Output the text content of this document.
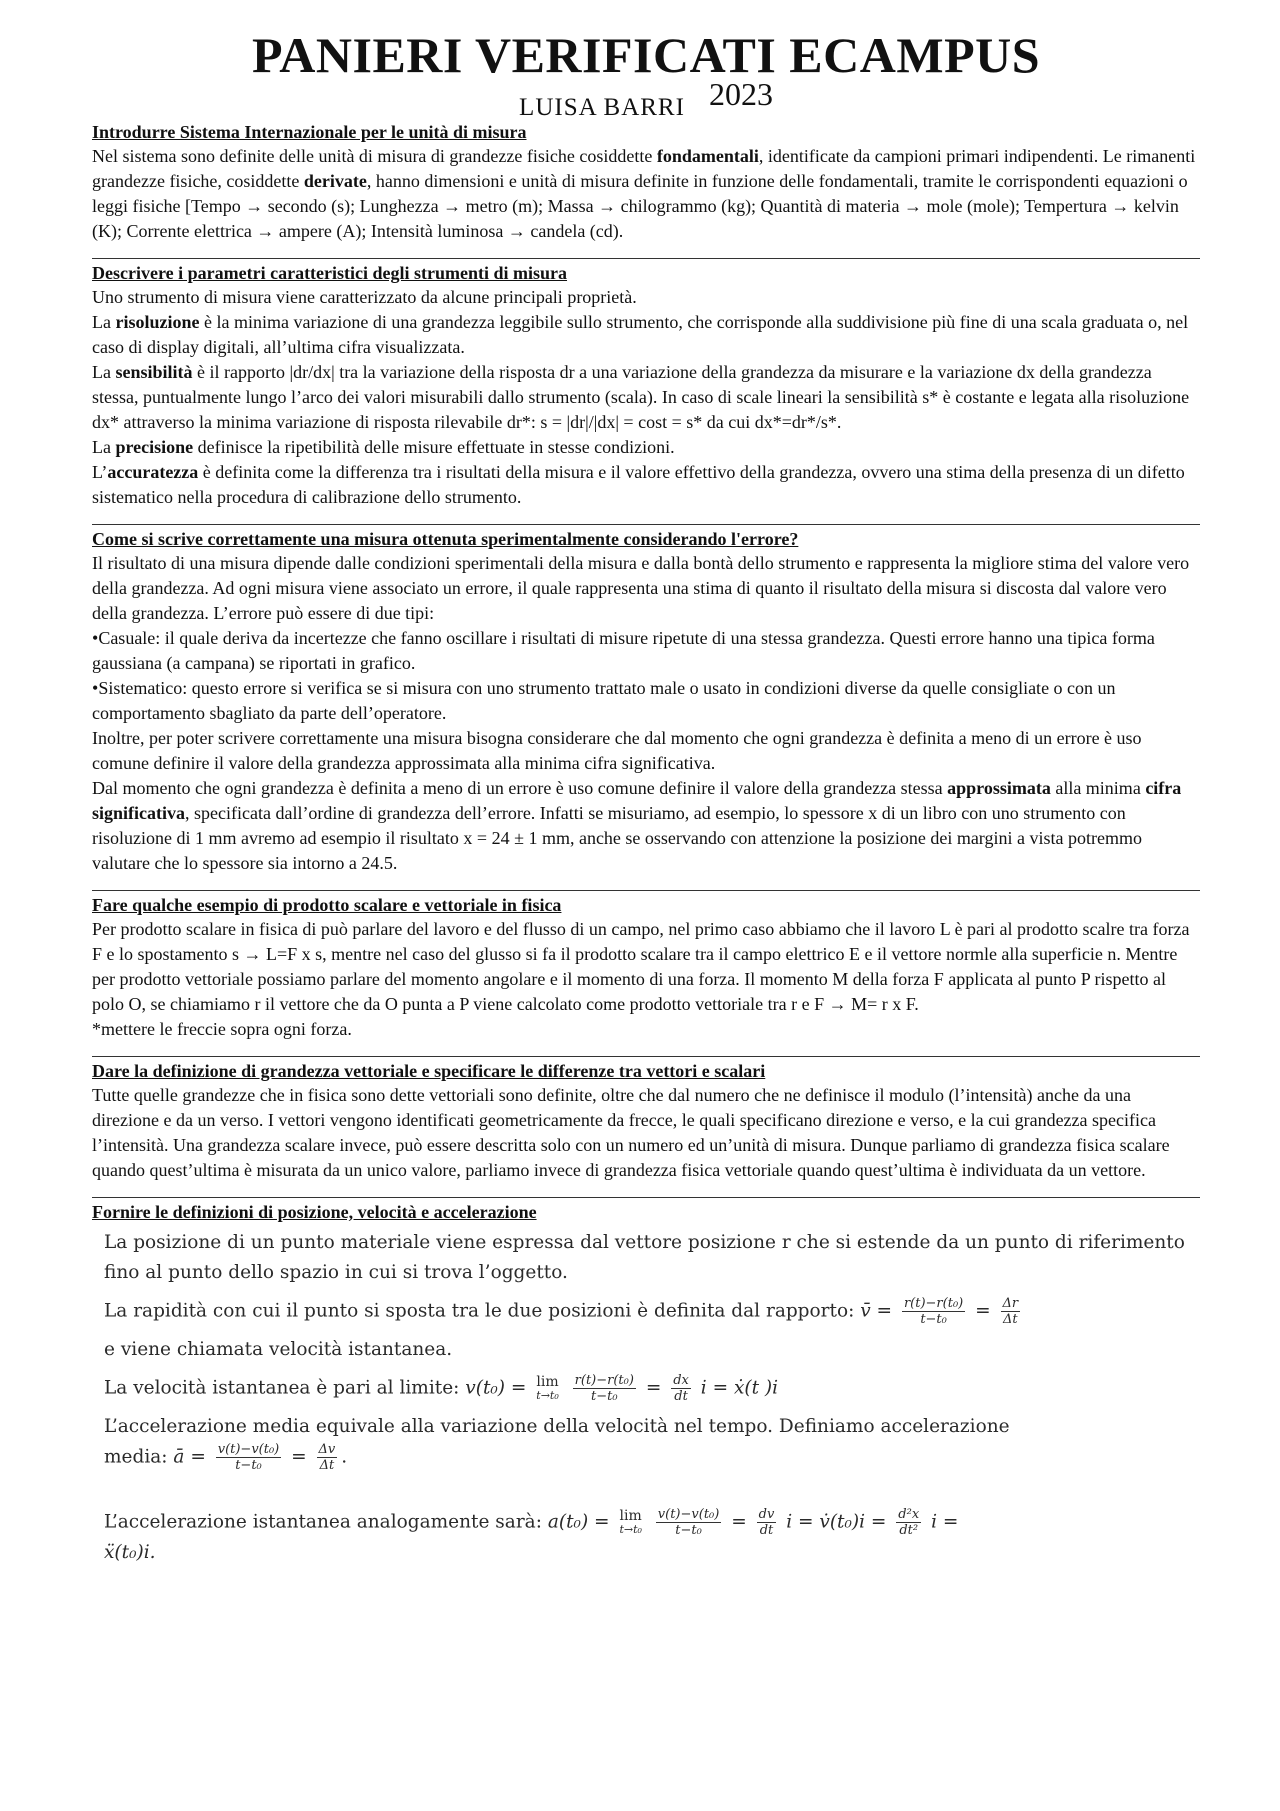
PANIERI VERIFICATI ECAMPUS
LUISA BARRI 2023

Introdurre Sistema Internazionale per le unità di misura

Nel sistema sono definite delle unità di misura di grandezze fisiche cosiddette fondamentali, identificate da campioni primari indipendenti. Le rimanenti grandezze fisiche, cosiddette derivate, hanno dimensioni e unità di misura definite in funzione delle fondamentali, tramite le corrispondenti equazioni o leggi fisiche [Tempo → secondo (s); Lunghezza → metro (m); Massa → chilogrammo (kg); Quantità di materia → mole (mole); Tempertura → kelvin (K); Corrente elettrica → ampere (A); Intensità luminosa → candela (cd).

Descrivere i parametri caratteristici degli strumenti di misura

Uno strumento di misura viene caratterizzato da alcune principali proprietà.

La risoluzione è la minima variazione di una grandezza leggibile sullo strumento, che corrisponde alla suddivisione più fine di una scala graduata o, nel caso di display digitali, all’ultima cifra visualizzata.

La sensibilità è il rapporto |dr/dx| tra la variazione della risposta dr a una variazione della grandezza da misurare e la variazione dx della grandezza stessa, puntualmente lungo l’arco dei valori misurabili dallo strumento (scala). In caso di scale lineari la sensibilità s* è costante e legata alla risoluzione dx* attraverso la minima variazione di risposta rilevabile dr*: s = |dr|/|dx| = cost = s* da cui dx*=dr*/s*.

La precisione definisce la ripetibilità delle misure effettuate in stesse condizioni.

L’accuratezza è definita come la differenza tra i risultati della misura e il valore effettivo della grandezza, ovvero una stima della presenza di un difetto sistematico nella procedura di calibrazione dello strumento.

Come si scrive correttamente una misura ottenuta sperimentalmente considerando l'errore?

Il risultato di una misura dipende dalle condizioni sperimentali della misura e dalla bontà dello strumento e rappresenta la migliore stima del valore vero della grandezza. Ad ogni misura viene associato un errore, il quale rappresenta una stima di quanto il risultato della misura si discosta dal valore vero della grandezza. L’errore può essere di due tipi:

• Casuale: il quale deriva da incertezze che fanno oscillare i risultati di misure ripetute di una stessa grandezza. Questi errore hanno una tipica forma gaussiana (a campana) se riportati in grafico.

• Sistematico: questo errore si verifica se si misura con uno strumento trattato male o usato in condizioni diverse da quelle consigliate o con un comportamento sbagliato da parte dell’operatore.

Inoltre, per poter scrivere correttamente una misura bisogna considerare che dal momento che ogni grandezza è definita a meno di un errore è uso comune definire il valore della grandezza approssimata alla minima cifra significativa.

Dal momento che ogni grandezza è definita a meno di un errore è uso comune definire il valore della grandezza stessa approssimata alla minima cifra significativa, specificata dall’ordine di grandezza dell’errore. Infatti se misuriamo, ad esempio, lo spessore x di un libro con uno strumento con risoluzione di 1 mm avremo ad esempio il risultato x = 24 ± 1 mm, anche se osservando con attenzione la posizione dei margini a vista potremmo valutare che lo spessore sia intorno a 24.5.

Fare qualche esempio di prodotto scalare e vettoriale in fisica

Per prodotto scalare in fisica di può parlare del lavoro e del flusso di un campo, nel primo caso abbiamo che il lavoro L è pari al prodotto scalre tra forza F e lo spostamento s → L=F x s, mentre nel caso del glusso si fa il prodotto scalare tra il campo elettrico E e il vettore normle alla superficie n. Mentre per prodotto vettoriale possiamo parlare del momento angolare e il momento di una forza. Il momento M della forza F applicata al punto P rispetto al polo O, se chiamiamo r il vettore che da O punta a P viene calcolato come prodotto vettoriale tra r e F → M= r x F.

*mettere le freccie sopra ogni forza.

Dare la definizione di grandezza vettoriale e specificare le differenze tra vettori e scalari

Tutte quelle grandezze che in fisica sono dette vettoriali sono definite, oltre che dal numero che ne definisce il modulo (l’intensità) anche da una direzione e da un verso. I vettori vengono identificati geometricamente da frecce, le quali specificano direzione e verso, e la cui grandezza specifica l’intensità. Una grandezza scalare invece, può essere descritta solo con un numero ed un’unità di misura. Dunque parliamo di grandezza fisica scalare quando quest’ultima è misurata da un unico valore, parliamo invece di grandezza fisica vettoriale quando quest’ultima è individuata da un vettore.

Fornire le definizioni di posizione, velocità e accelerazione

La posizione di un punto materiale viene espressa dal vettore posizione r che si estende da un punto di riferimento fino al punto dello spazio in cui si trova l’oggetto.

La rapidità con cui il punto si sposta tra le due posizioni è definita dal rapporto: v̄ = $\frac{\text{r(t)−r(t₀)}}{\text{t−t₀}} = \frac{\Delta r}{\Delta t}$

e viene chiamata velocità istantanea.

La velocità istantanea è pari al limite: v(t₀) = lim
t→t₀
$\frac{\text{r(t)−r(t₀)}}{\text{t−t₀}} = \frac{dx}{dt}$ i = ẋ(t )i

L’accelerazione media equivale alla variazione della velocità nel tempo. Definiamo accelerazione
media: ā = $\frac{\text{v(t)−v(t₀)}}{\text{t−t₀}} = \frac{\Delta v}{\Delta t}$ .

L’accelerazione istantanea analogamente sarà: a(t₀) = lim
t→t₀
$\frac{\text{v(t)−v(t₀)}}{\text{t−t₀}} = \frac{dv}{dt}$ i = v̇(t₀)i = $\frac{\text{d²x}}{\text{dt²}}$ i =
ẍ(t₀)i.
